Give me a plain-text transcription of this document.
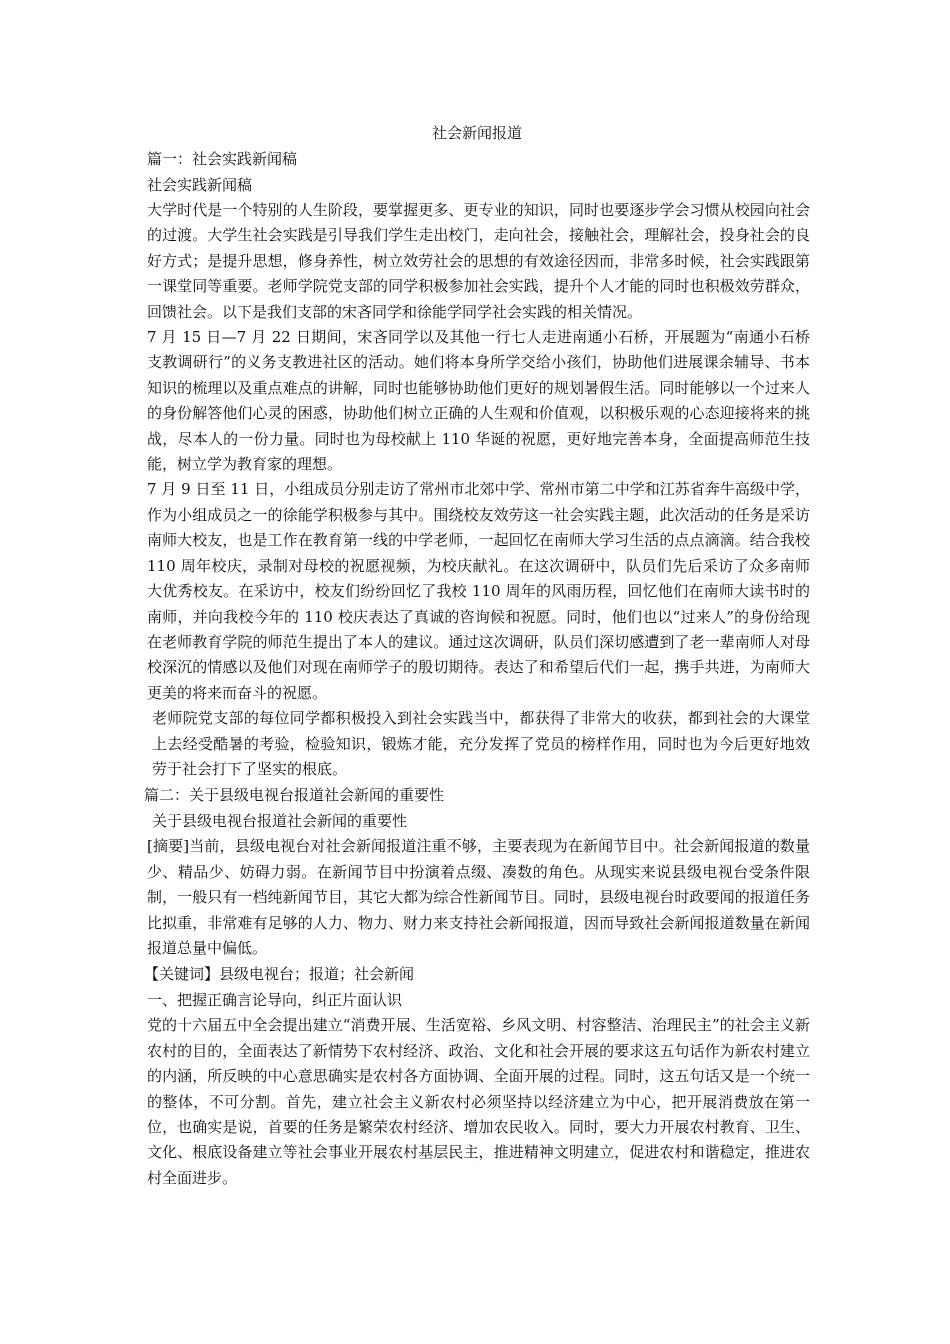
社会新闻报道

篇一：社会实践新闻稿

社会实践新闻稿

大学时代是一个特别的人生阶段，要掌握更多、更专业的知识，同时也要逐步学会习惯从校园向社会的过渡。大学生社会实践是引导我们学生走出校门，走向社会，接触社会，理解社会，投身社会的良好方式；是提升思想，修身养性，树立效劳社会的思想的有效途径因而，非常多时候，社会实践跟第一课堂同等重要。老师学院党支部的同学积极参加社会实践，提升个人才能的同时也积极效劳群众，回馈社会。以下是我们支部的宋吝同学和徐能学同学社会实践的相关情况。

7 月 15 日—7 月 22 日期间，宋吝同学以及其他一行七人走进南通小石桥，开展题为“南通小石桥支教调研行”的义务支教进社区的活动。她们将本身所学交给小孩们，协助他们进展课余辅导、书本知识的梳理以及重点难点的讲解，同时也能够协助他们更好的规划暑假生活。同时能够以一个过来人的身份解答他们心灵的困惑，协助他们树立正确的人生观和价值观，以积极乐观的心态迎接将来的挑战，尽本人的一份力量。同时也为母校献上 110 华诞的祝愿，更好地完善本身，全面提高师范生技能，树立学为教育家的理想。

7 月 9 日至 11 日，小组成员分别走访了常州市北郊中学、常州市第二中学和江苏省奔牛高级中学，作为小组成员之一的徐能学积极参与其中。围绕校友效劳这一社会实践主题，此次活动的任务是采访南师大校友，也是工作在教育第一线的中学老师，一起回忆在南师大学习生活的点点滴滴。结合我校 110 周年校庆，录制对母校的祝愿视频，为校庆献礼。在这次调研中，队员们先后采访了众多南师大优秀校友。在采访中，校友们纷纷回忆了我校 110 周年的风雨历程，回忆他们在南师大读书时的南师，并向我校今年的 110 校庆表达了真诚的咨询候和祝愿。同时，他们也以“过来人”的身份给现在老师教育学院的师范生提出了本人的建议。通过这次调研，队员们深切感遭到了老一辈南师人对母校深沉的情感以及他们对现在南师学子的殷切期待。表达了和希望后代们一起，携手共进，为南师大更美的将来而奋斗的祝愿。

老师院党支部的每位同学都积极投入到社会实践当中，都获得了非常大的收获，都到社会的大课堂上去经受酷暑的考验，检验知识，锻炼才能，充分发挥了党员的榜样作用，同时也为今后更好地效劳于社会打下了坚实的根底。

篇二：关于县级电视台报道社会新闻的重要性

关于县级电视台报道社会新闻的重要性

[摘要]当前，县级电视台对社会新闻报道注重不够，主要表现为在新闻节目中。社会新闻报道的数量少、精品少、妨碍力弱。在新闻节目中扮演着点缀、凑数的角色。从现实来说县级电视台受条件限制，一般只有一档纯新闻节目，其它大都为综合性新闻节目。同时，县级电视台时政要闻的报道任务比拟重，非常难有足够的人力、物力、财力来支持社会新闻报道，因而导致社会新闻报道数量在新闻报道总量中偏低。

【关键词】县级电视台；报道；社会新闻

一、把握正确言论导向，纠正片面认识

党的十六届五中全会提出建立“消费开展、生活宽裕、乡风文明、村容整洁、治理民主”的社会主义新农村的目的，全面表达了新情势下农村经济、政治、文化和社会开展的要求这五句话作为新农村建立的内涵，所反映的中心意思确实是农村各方面协调、全面开展的过程。同时，这五句话又是一个统一的整体，不可分割。首先，建立社会主义新农村必须坚持以经济建立为中心，把开展消费放在第一位，也确实是说，首要的任务是繁荣农村经济、增加农民收入。同时，要大力开展农村教育、卫生、文化、根底设备建立等社会事业开展农村基层民主，推进精神文明建立，促进农村和谐稳定，推进农村全面进步。
